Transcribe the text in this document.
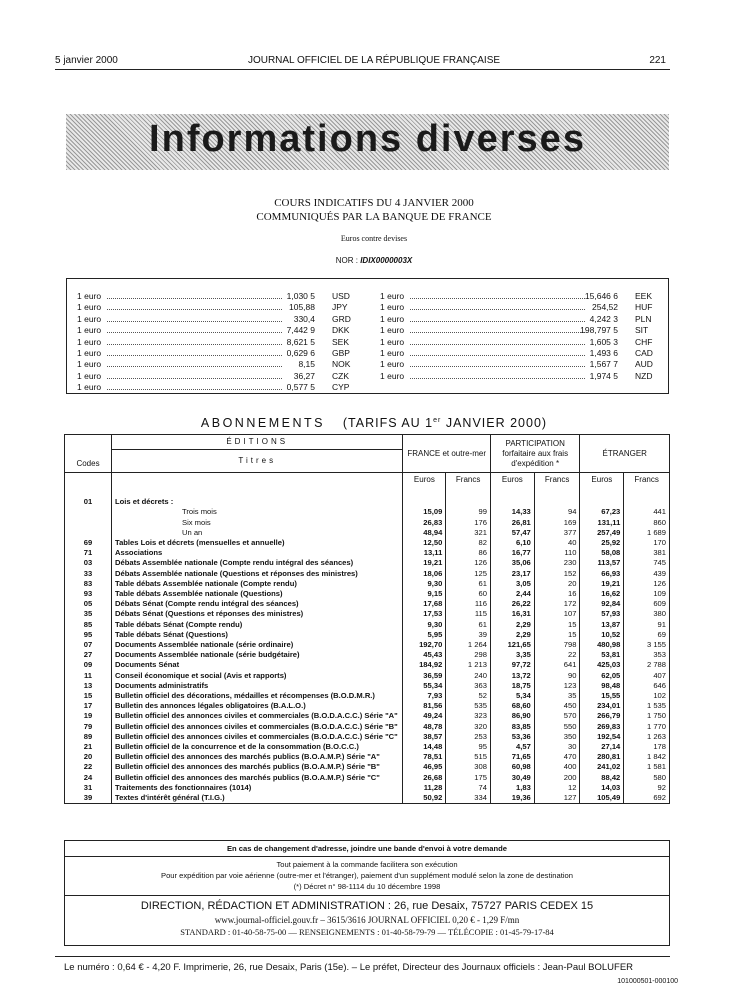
5 janvier 2000	JOURNAL OFFICIEL DE LA RÉPUBLIQUE FRANÇAISE	221
Informations diverses
COURS INDICATIFS DU 4 JANVIER 2000
COMMUNIQUÉS PAR LA BANQUE DE FRANCE
Euros contre devises
NOR : IDIX0000003X
1 euro	1,030 5 USD
1 euro	105,88 JPY
1 euro	330,4 GRD
1 euro	7,442 9 DKK
1 euro	8,621 5 SEK
1 euro	0,629 6 GBP
1 euro	8,15 NOK
1 euro	36,27 CZK
1 euro	0,577 5 CYP
1 euro	15,646 6 EEK
1 euro	254,52 HUF
1 euro	4,242 3 PLN
1 euro	198,797 5 SIT
1 euro	1,605 3 CHF
1 euro	1,493 6 CAD
1 euro	1,567 7 AUD
1 euro	1,974 5 NZD
ABONNEMENTS (TARIFS AU 1er JANVIER 2000)

Codes	ÉDITIONS	FRANCE et outre-mer		PARTICIPATION forfaitaire aux frais d'expédition *		ÉTRANGER	
	Titres						
		Euros	Francs	Euros	Francs	Euros	Francs

01	Lois et décrets :						
	Trois mois	15,09	99	14,33	94	67,23	441
	Six mois	26,83	176	26,81	169	131,11	860
	Un an	48,94	321	57,47	377	257,49	1 689
69	Tables Lois et décrets (mensuelles et annuelle)	12,50	82	6,10	40	25,92	170
71	Associations	13,11	86	16,77	110	58,08	381
03	Débats Assemblée nationale (Compte rendu intégral des séances)	19,21	126	35,06	230	113,57	745
33	Débats Assemblée nationale (Questions et réponses des ministres)	18,06	125	23,17	152	66,93	439
83	Table débats Assemblée nationale (Compte rendu)	9,30	61	3,05	20	19,21	126
93	Table débats Assemblée nationale (Questions)	9,15	60	2,44	16	16,62	109
05	Débats Sénat (Compte rendu intégral des séances)	17,68	116	26,22	172	92,84	609
35	Débats Sénat (Questions et réponses des ministres)	17,53	115	16,31	107	57,93	380
85	Table débats Sénat (Compte rendu)	9,30	61	2,29	15	13,87	91
95	Table débats Sénat (Questions)	5,95	39	2,29	15	10,52	69
07	Documents Assemblée nationale (série ordinaire)	192,70	1 264	121,65	798	480,98	3 155
27	Documents Assemblée nationale (série budgétaire)	45,43	298	3,35	22	53,81	353
09	Documents Sénat	184,92	1 213	97,72	641	425,03	2 788
11	Conseil économique et social (Avis et rapports)	36,59	240	13,72	90	62,05	407
13	Documents administratifs	55,34	363	18,75	123	98,48	646
15	Bulletin officiel des décorations, médailles et récompenses (B.O.D.M.R.)	7,93	52	5,34	35	15,55	102
17	Bulletin des annonces légales obligatoires (B.A.L.O.)	81,56	535	68,60	450	234,01	1 535
19	Bulletin officiel des annonces civiles et commerciales (B.O.D.A.C.C.) Série "A"	49,24	323	86,90	570	266,79	1 750
79	Bulletin officiel des annonces civiles et commerciales (B.O.D.A.C.C.) Série "B"	48,78	320	83,85	550	269,83	1 770
89	Bulletin officiel des annonces civiles et commerciales (B.O.D.A.C.C.) Série "C"	38,57	253	53,36	350	192,54	1 263
21	Bulletin officiel de la concurrence et de la consommation (B.O.C.C.)	14,48	95	4,57	30	27,14	178
20	Bulletin officiel des annonces des marchés publics (B.O.A.M.P.) Série "A"	78,51	515	71,65	470	280,81	1 842
22	Bulletin officiel des annonces des marchés publics (B.O.A.M.P.) Série "B"	46,95	308	60,98	400	241,02	1 581
24	Bulletin officiel des annonces des marchés publics (B.O.A.M.P.) Série "C"	26,68	175	30,49	200	88,42	580
31	Traitements des fonctionnaires (1014)	11,28	74	1,83	12	14,03	92
39	Textes d'intérêt général (T.I.G.)	50,92	334	19,36	127	105,49	692
En cas de changement d'adresse, joindre une bande d'envoi à votre demande
Tout paiement à la commande facilitera son exécution
Pour expédition par voie aérienne (outre-mer et l'étranger), paiement d'un supplément modulé selon la zone de destination
(*) Décret n° 98-1114 du 10 décembre 1998
DIRECTION, RÉDACTION ET ADMINISTRATION : 26, rue Desaix, 75727 PARIS CEDEX 15
www.journal-officiel.gouv.fr – 3615/3616 JOURNAL OFFICIEL 0,20 € - 1,29 F/mn
STANDARD : 01-40-58-75-00 — RENSEIGNEMENTS : 01-40-58-79-79 — TÉLÉCOPIE : 01-45-79-17-84
Le numéro : 0,64 € - 4,20 F. Imprimerie, 26, rue Desaix, Paris (15e). – Le préfet, Directeur des Journaux officiels : Jean-Paul BOLUFER
101000501-000100
